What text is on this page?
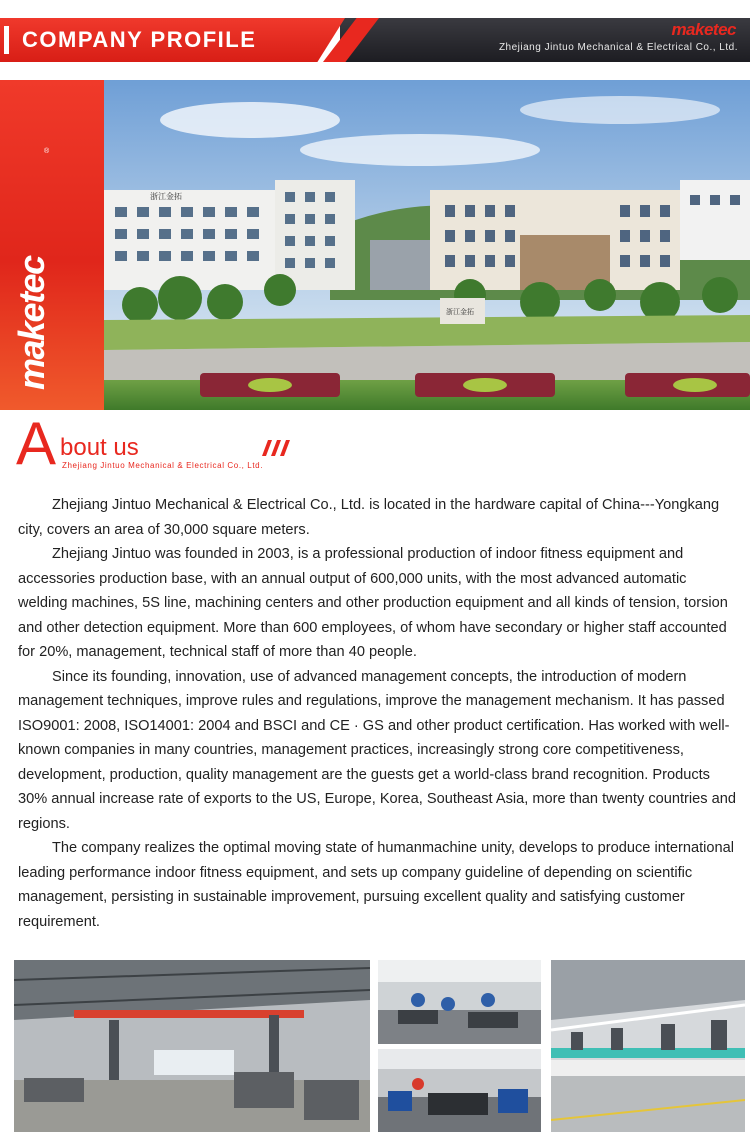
COMPANY PROFILE	maketec
Zhejiang Jintuo Mechanical & Electrical Co., Ltd.
浙江金拓
浙江金拓
maketec
®
A bout us
Zhejiang Jintuo Mechanical & Electrical Co., Ltd.

Zhejiang Jintuo Mechanical & Electrical Co., Ltd. is located in the hardware capital of China---Yongkang city, covers an area of 30,000 square meters.

Zhejiang Jintuo was founded in 2003, is a professional production of indoor fitness equipment and accessories production base, with an annual output of 600,000 units, with the most advanced automatic welding machines, 5S line, machining centers and other production equipment and all kinds of tension, torsion and other detection equipment. More than 600 employees, of whom have secondary or higher staff accounted for 20%, management, technical staff of more than 40 people.

Since its founding, innovation, use of advanced management concepts, the introduction of modern management techniques, improve rules and regulations, improve the management mechanism. It has passed ISO9001: 2008, ISO14001: 2004 and BSCI and CE · GS and other product certification. Has worked with well-known companies in many countries, management practices, increasingly strong core competitiveness, development, production, quality management are the guests get a world-class brand recognition. Products 30% annual increase rate of exports to the US, Europe, Korea, Southeast Asia, more than twenty countries and regions.

The company realizes the optimal moving state of humanmachine unity, develops to produce international leading performance indoor fitness equipment, and sets up company guideline of depending on scientific management, persisting in sustainable improvement, pursuing excellent quality and satisfying customer requirement.
